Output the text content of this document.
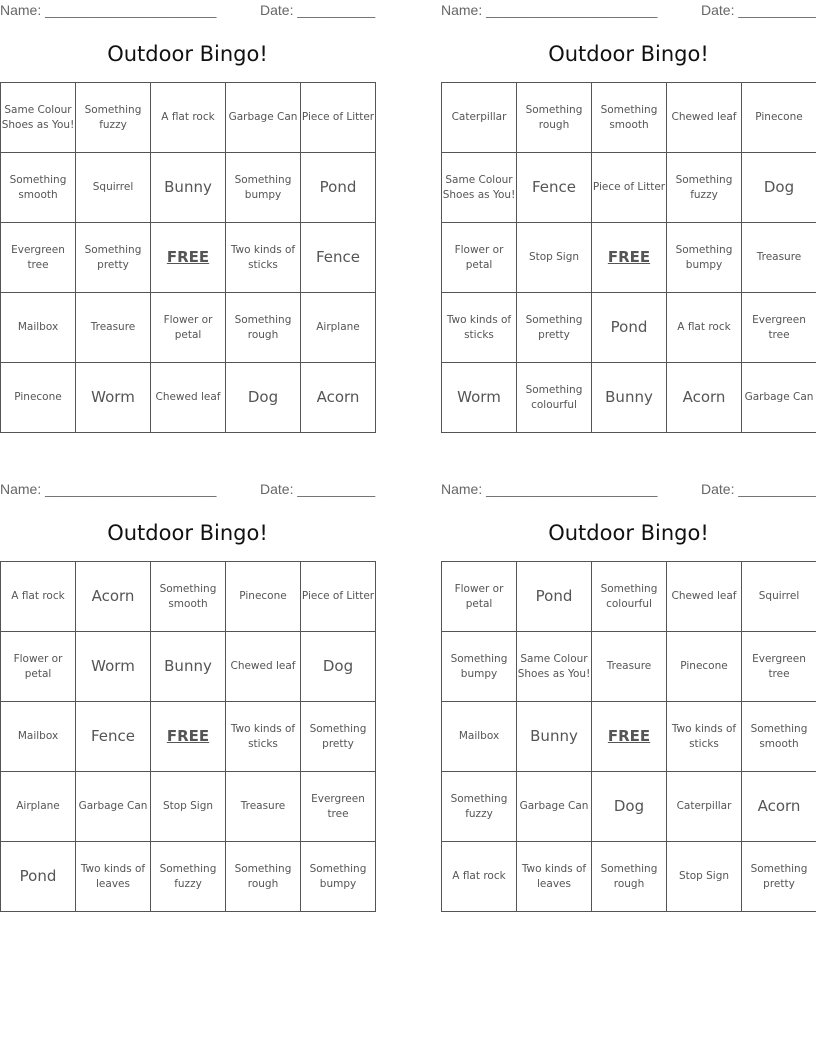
Name: ______________________	Date: __________
Outdoor Bingo!
Same Colour Shoes as You!	Something fuzzy	A flat rock	Garbage Can	Piece of Litter
Something smooth	Squirrel	Bunny	Something bumpy	Pond
Evergreen tree	Something pretty	FREE	Two kinds of sticks	Fence
Mailbox	Treasure	Flower or petal	Something rough	Airplane
Pinecone	Worm	Chewed leaf	Dog	Acorn
Name: ______________________	Date: __________
Outdoor Bingo!
Caterpillar	Something rough	Something smooth	Chewed leaf	Pinecone
Same Colour Shoes as You!	Fence	Piece of Litter	Something fuzzy	Dog
Flower or petal	Stop Sign	FREE	Something bumpy	Treasure
Two kinds of sticks	Something pretty	Pond	A flat rock	Evergreen tree
Worm	Something colourful	Bunny	Acorn	Garbage Can
Name: ______________________	Date: __________
Outdoor Bingo!
A flat rock	Acorn	Something smooth	Pinecone	Piece of Litter
Flower or petal	Worm	Bunny	Chewed leaf	Dog
Mailbox	Fence	FREE	Two kinds of sticks	Something pretty
Airplane	Garbage Can	Stop Sign	Treasure	Evergreen tree
Pond	Two kinds of leaves	Something fuzzy	Something rough	Something bumpy
Name: ______________________	Date: __________
Outdoor Bingo!
Flower or petal	Pond	Something colourful	Chewed leaf	Squirrel
Something bumpy	Same Colour Shoes as You!	Treasure	Pinecone	Evergreen tree
Mailbox	Bunny	FREE	Two kinds of sticks	Something smooth
Something fuzzy	Garbage Can	Dog	Caterpillar	Acorn
A flat rock	Two kinds of leaves	Something rough	Stop Sign	Something pretty
